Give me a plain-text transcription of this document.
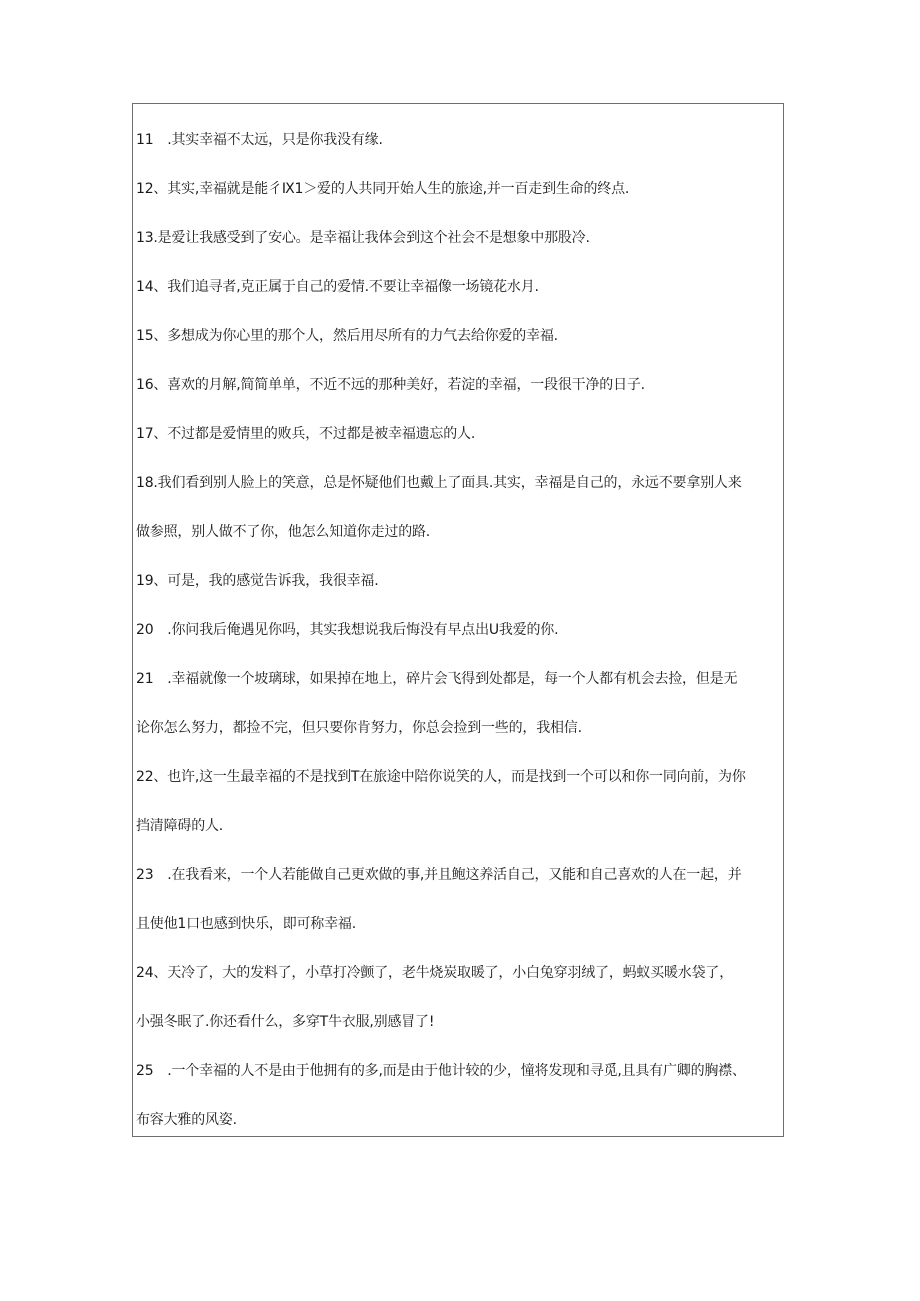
11　.其实幸福不太远，只是你我没有缘.
12、其实,幸福就是能彳Ⅸ1＞爱的人共同开始人生的旅途,并一百走到生命的终点.
13.是爱让我感受到了安心。是幸福让我体会到这个社会不是想象中那股冷.
14、我们追寻者,克正属于自己的爱情.不要让幸福像一场镜花水月.
15、多想成为你心里的那个人，然后用尽所有的力气去给你爱的幸福.
16、喜欢的月解,简简单单，不近不远的那种美好，若淀的幸福，一段很干净的日子.
17、不过都是爱情里的败兵，不过都是被幸福遗忘的人.
18.我们看到别人脸上的笑意，总是怀疑他们也戴上了面具.其实，幸福是自己的，永远不要拿别人来
做参照，别人做不了你，他怎么知道你走过的路.
19、可是，我的感觉告诉我，我很幸福.
20　.你问我后俺遇见你吗，其实我想说我后悔没有早点出U我爱的你.
21　.幸福就像一个坡璃球，如果掉在地上，碎片会飞得到处都是，每一个人都有机会去捡，但是无
论你怎么努力，都捡不完，但只要你肯努力，你总会捡到一些的，我相信.
22、也许,这一生最幸福的不是找到T在旅途中陪你说笑的人，而是找到一个可以和你一同向前，为你
挡清障碍的人.
23　.在我看来，一个人若能做自己更欢做的事,并且鲍这养活自己，又能和自己喜欢的人在一起，并
且使他1口也感到快乐，即可称幸福.
24、天冷了，大的发料了，小草打冷颤了，老牛烧炭取暖了，小白兔穿羽绒了，蚂蚁买暖水袋了，
小强冬眠了.你还看什么，多穿T牛衣服,别感冒了!
25　.一个幸福的人不是由于他拥有的多,而是由于他计较的少，憧将发现和寻觅,且具有广卿的胸襟、
布容大雅的风姿.
